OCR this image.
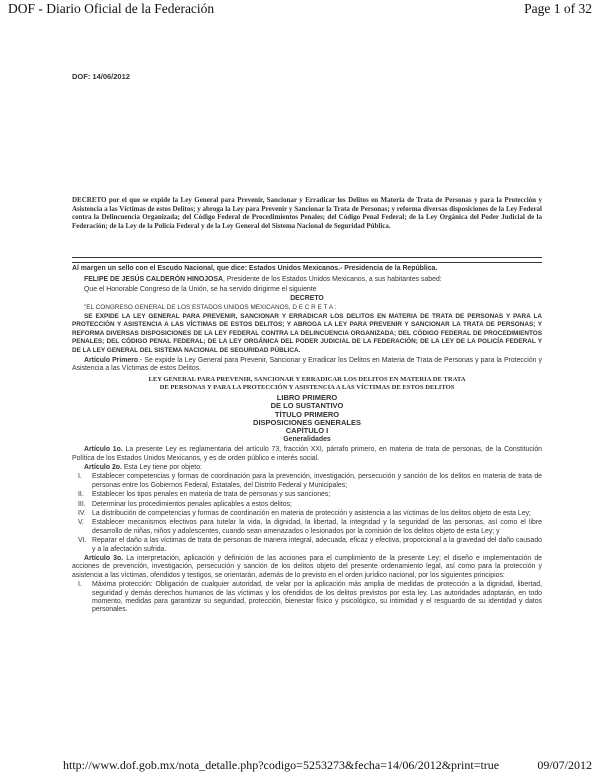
DOF - Diario Oficial de la Federación	Page 1 of 32
DOF: 14/06/2012
DECRETO por el que se expide la Ley General para Prevenir, Sancionar y Erradicar los Delitos en Materia de Trata de Personas y para la Protección y Asistencia a las Víctimas de estos Delitos; y abroga la Ley para Prevenir y Sancionar la Trata de Personas; y reforma diversas disposiciones de la Ley Federal contra la Delincuencia Organizada; del Código Federal de Procedimientos Penales; del Código Penal Federal; de la Ley Orgánica del Poder Judicial de la Federación; de la Ley de la Policía Federal y de la Ley General del Sistema Nacional de Seguridad Pública.

Al margen un sello con el Escudo Nacional, que dice: Estados Unidos Mexicanos.- Presidencia de la República.

FELIPE DE JESÚS CALDERÓN HINOJOSA, Presidente de los Estados Unidos Mexicanos, a sus habitantes sabed:

Que el Honorable Congreso de la Unión, se ha servido dirigirme el siguiente

DECRETO

"EL CONGRESO GENERAL DE LOS ESTADOS UNIDOS MEXICANOS, D E C R E T A :

SE EXPIDE LA LEY GENERAL PARA PREVENIR, SANCIONAR Y ERRADICAR LOS DELITOS EN MATERIA DE TRATA DE PERSONAS Y PARA LA PROTECCIÓN Y ASISTENCIA A LAS VÍCTIMAS DE ESTOS DELITOS; Y ABROGA LA LEY PARA PREVENIR Y SANCIONAR LA TRATA DE PERSONAS; Y REFORMA DIVERSAS DISPOSICIONES DE LA LEY FEDERAL CONTRA LA DELINCUENCIA ORGANIZADA; DEL CÓDIGO FEDERAL DE PROCEDIMIENTOS PENALES; DEL CÓDIGO PENAL FEDERAL; DE LA LEY ORGÁNICA DEL PODER JUDICIAL DE LA FEDERACIÓN; DE LA LEY DE LA POLICÍA FEDERAL Y DE LA LEY GENERAL DEL SISTEMA NACIONAL DE SEGURIDAD PÚBLICA.

Artículo Primero.- Se expide la Ley General para Prevenir, Sancionar y Erradicar los Delitos en Materia de Trata de Personas y para la Protección y Asistencia a las Víctimas de estos Delitos.

LEY GENERAL PARA PREVENIR, SANCIONAR Y ERRADICAR LOS DELITOS EN MATERIA DE TRATA

DE PERSONAS Y PARA LA PROTECCIÓN Y ASISTENCIA A LAS VÍCTIMAS DE ESTOS DELITOS

LIBRO PRIMERO

DE LO SUSTANTIVO

TÍTULO PRIMERO

DISPOSICIONES GENERALES

CAPÍTULO I

Generalidades

Artículo 1o. La presente Ley es reglamentaria del artículo 73, fracción XXI, párrafo primero, en materia de trata de personas, de la Constitución Política de los Estados Unidos Mexicanos, y es de orden público e interés social.

Artículo 2o. Esta Ley tiene por objeto:

I.	Establecer competencias y formas de coordinación para la prevención, investigación, persecución y sanción de los delitos en materia de trata de personas entre los Gobiernos Federal, Estatales, del Distrito Federal y Municipales;
II.	Establecer los tipos penales en materia de trata de personas y sus sanciones;
III. Determinar los procedimientos penales aplicables a estos delitos;
IV. La distribución de competencias y formas de coordinación en materia de protección y asistencia a las víctimas de los delitos objeto de esta Ley;
V.	Establecer mecanismos efectivos para tutelar la vida, la dignidad, la libertad, la integridad y la seguridad de las personas, así como el libre desarrollo de niñas, niños y adolescentes, cuando sean amenazados o lesionados por la comisión de los delitos objeto de esta Ley; y
VI. Reparar el daño a las víctimas de trata de personas de manera integral, adecuada, eficaz y efectiva, proporcional a la gravedad del daño causado y a la afectación sufrida.

Artículo 3o. La interpretación, aplicación y definición de las acciones para el cumplimiento de la presente Ley; el diseño e implementación de acciones de prevención, investigación, persecución y sanción de los delitos objeto del presente ordenamiento legal, así como para la protección y asistencia a las víctimas, ofendidos y testigos, se orientarán, además de lo previsto en el orden jurídico nacional, por los siguientes principios:

I.	Máxima protección: Obligación de cualquier autoridad, de velar por la aplicación más amplia de medidas de protección a la dignidad, libertad, seguridad y demás derechos humanos de las víctimas y los ofendidos de los delitos previstos por esta ley. Las autoridades adoptarán, en todo momento, medidas para garantizar su seguridad, protección, bienestar físico y psicológico, su intimidad y el resguardo de su identidad y datos personales.
http://www.dof.gob.mx/nota_detalle.php?codigo=5253273&fecha=14/06/2012&print=true	09/07/2012
